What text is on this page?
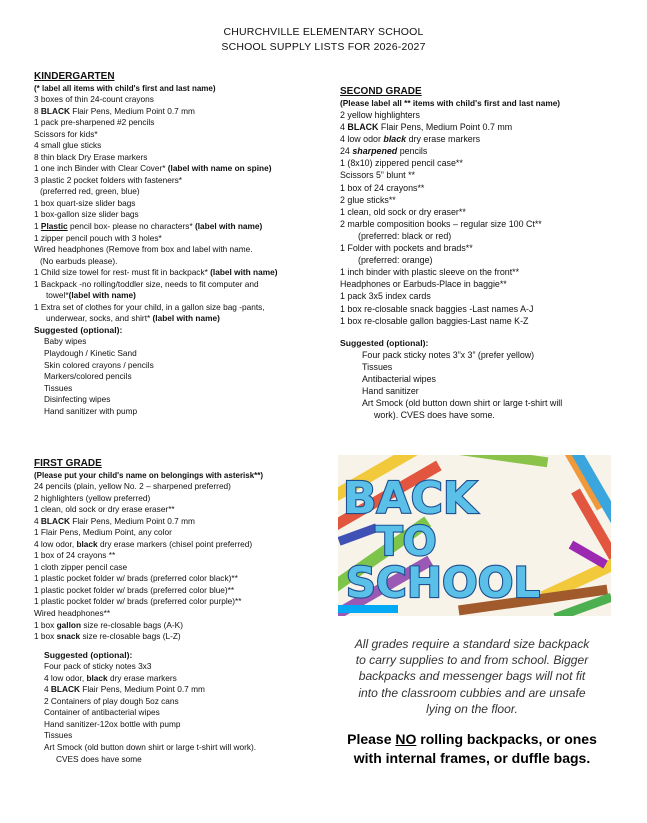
CHURCHVILLE ELEMENTARY SCHOOL
SCHOOL SUPPLY LISTS FOR 2026-2027
KINDERGARTEN
(* label all items with child's first and last name)
3 boxes of thin 24-count crayons
8 BLACK Flair Pens, Medium Point 0.7 mm
1 pack pre-sharpened #2 pencils
Scissors for kids*
4 small glue sticks
8 thin black Dry Erase markers
1 one inch Binder with Clear Cover* (label with name on spine)
3 plastic 2 pocket folders with fasteners*
(preferred red, green, blue)
1 box quart-size slider bags
1 box-gallon size slider bags
1 Plastic pencil box- please no characters* (label with name)
1 zipper pencil pouch with 3 holes*
Wired headphones (Remove from box and label with name.
(No earbuds please).
1 Child size towel for rest- must fit in backpack* (label with name)
1 Backpack -no rolling/toddler size, needs to fit computer and
towel*(label with name)
1 Extra set of clothes for your child, in a gallon size bag -pants,
underwear, socks, and shirt* (label with name)
Suggested (optional):
Baby wipes
Playdough / Kinetic Sand
Skin colored crayons / pencils
Markers/colored pencils
Tissues
Disinfecting wipes
Hand sanitizer with pump
FIRST GRADE
(Please put your child's name on belongings with asterisk**)
24 pencils (plain, yellow No. 2 – sharpened preferred)
2 highlighters (yellow preferred)
1 clean, old sock or dry erase eraser**
4 BLACK Flair Pens, Medium Point 0.7 mm
1 Flair Pens, Medium Point, any color
4 low odor, black dry erase markers (chisel point preferred)
1 box of 24 crayons **
1 cloth zipper pencil case
1 plastic pocket folder w/ brads (preferred color black)**
1 plastic pocket folder w/ brads (preferred color blue)**
1 plastic pocket folder w/ brads (preferred color purple)**
Wired headphones**
1 box gallon size re-closable bags (A-K)
1 box snack size re-closable bags (L-Z)
Suggested (optional):
Four pack of sticky notes 3x3
4 low odor, black dry erase markers
4 BLACK Flair Pens, Medium Point 0.7 mm
2 Containers of play dough 5oz cans
Container of antibacterial wipes
Hand sanitizer-12ox bottle with pump
Tissues
Art Smock (old button down shirt or large t-shirt will work).
CVES does have some
SECOND GRADE
(Please label all ** items with child's first and last name)
2 yellow highlighters
4 BLACK Flair Pens, Medium Point 0.7 mm
4 low odor black dry erase markers
24 sharpened pencils
1 (8x10) zippered pencil case**
Scissors 5” blunt **
1 box of 24 crayons**
2 glue sticks**
1 clean, old sock or dry eraser**
2 marble composition books – regular size 100 Ct**
(preferred: black or red)
1 Folder with pockets and brads**
(preferred: orange)
1 inch binder with plastic sleeve on the front**
Headphones or Earbuds-Place in baggie**
1 pack 3x5 index cards
1 box re-closable snack baggies -Last names A-J
1 box re-closable gallon baggies-Last name K-Z
Suggested (optional):
Four pack sticky notes 3”x 3” (prefer yellow)
Tissues
Antibacterial wipes
Hand sanitizer
Art Smock (old button down shirt or large t-shirt will
work). CVES does have some.
BACK
TO
SCHOOL
All grades require a standard size backpack
to carry supplies to and from school. Bigger
backpacks and messenger bags will not fit
into the classroom cubbies and are unsafe
lying on the floor.
Please NO rolling backpacks, or ones
with internal frames, or duffle bags.
